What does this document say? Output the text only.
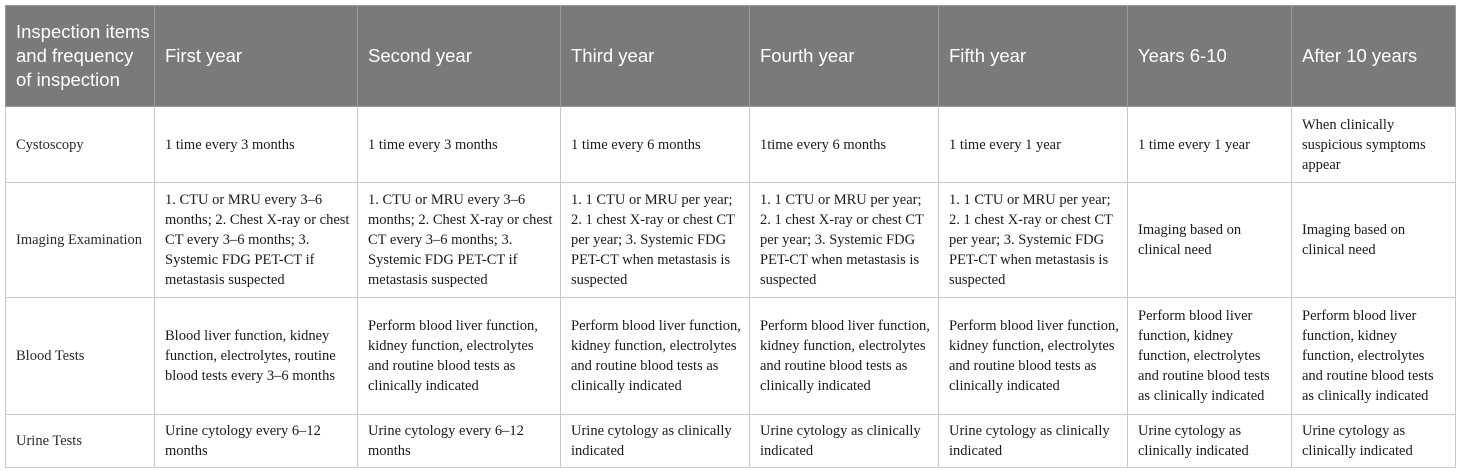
Inspection items and frequency of inspection	First year	Second year	Third year	Fourth year	Fifth year	Years 6-10	After 10 years
Cystoscopy	1 time every 3 months	1 time every 3 months	1 time every 6 months	1time every 6 months	1 time every 1 year	1 time every 1 year	When clinically suspicious symptoms appear
Imaging Examination	1. CTU or MRU every 3–6 months; 2. Chest X-ray or chest CT every 3–6 months; 3. Systemic FDG PET-CT if metastasis suspected	1. CTU or MRU every 3–6 months; 2. Chest X-ray or chest CT every 3–6 months; 3. Systemic FDG PET-CT if metastasis suspected	1. 1 CTU or MRU per year; 2. 1 chest X-ray or chest CT per year; 3. Systemic FDG PET-CT when metastasis is suspected	1. 1 CTU or MRU per year; 2. 1 chest X-ray or chest CT per year; 3. Systemic FDG PET-CT when metastasis is suspected	1. 1 CTU or MRU per year; 2. 1 chest X-ray or chest CT per year; 3. Systemic FDG PET-CT when metastasis is suspected	Imaging based on clinical need	Imaging based on clinical need
Blood Tests	Blood liver function, kidney function, electrolytes, routine blood tests every 3–6 months	Perform blood liver function, kidney function, electrolytes and routine blood tests as clinically indicated	Perform blood liver function, kidney function, electrolytes and routine blood tests as clinically indicated	Perform blood liver function, kidney function, electrolytes and routine blood tests as clinically indicated	Perform blood liver function, kidney function, electrolytes and routine blood tests as clinically indicated	Perform blood liver function, kidney function, electrolytes and routine blood tests as clinically indicated	Perform blood liver function, kidney function, electrolytes and routine blood tests as clinically indicated
Urine Tests	Urine cytology every 6–12 months	Urine cytology every 6–12 months	Urine cytology as clinically indicated	Urine cytology as clinically indicated	Urine cytology as clinically indicated	Urine cytology as clinically indicated	Urine cytology as clinically indicated
